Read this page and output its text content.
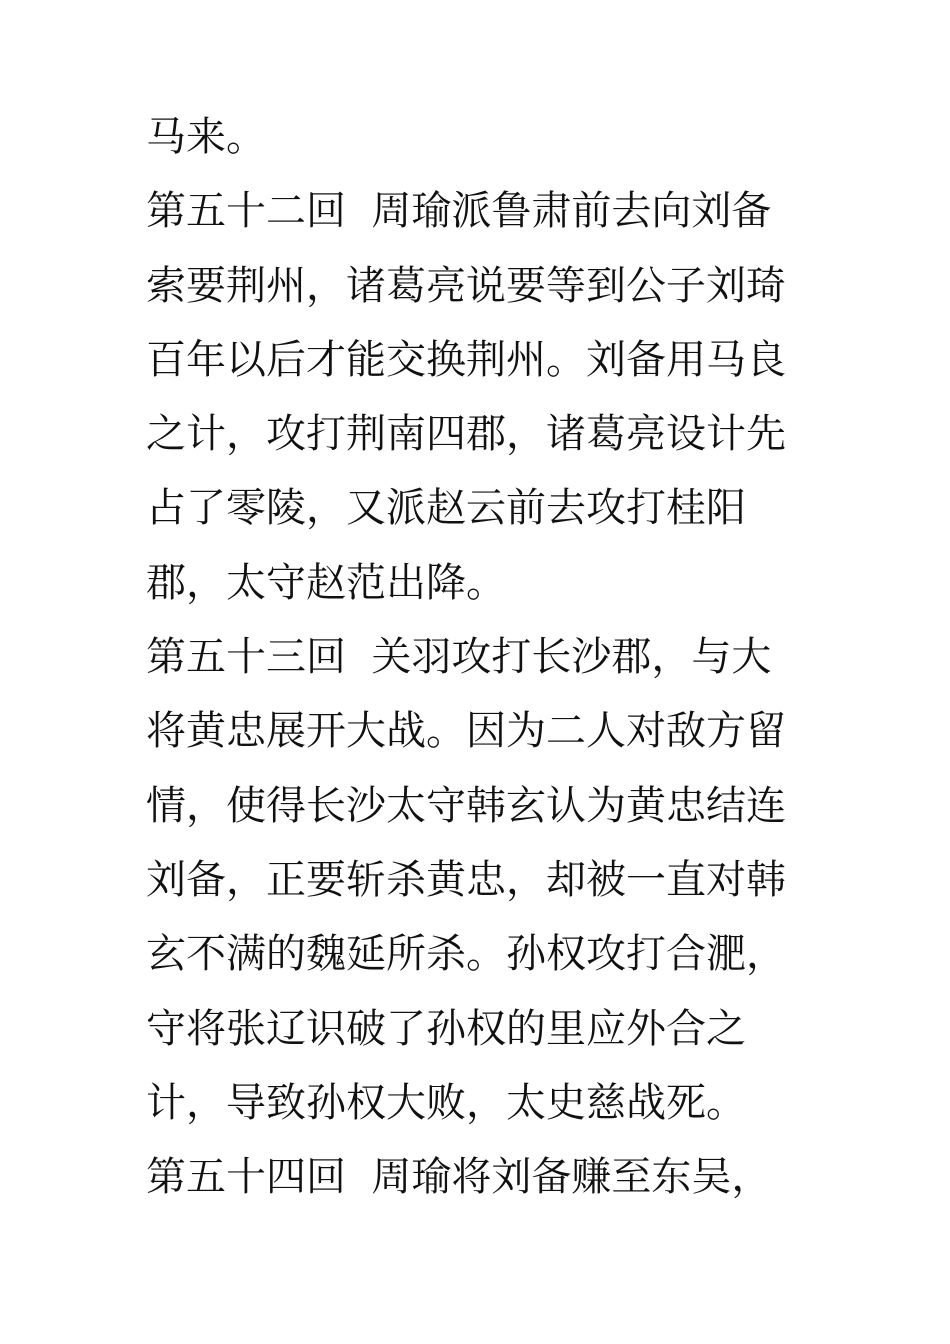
马来。
第五十二回  周瑜派鲁肃前去向刘备
索要荆州，诸葛亮说要等到公子刘琦
百年以后才能交换荆州。刘备用马良
之计，攻打荆南四郡，诸葛亮设计先
占了零陵，又派赵云前去攻打桂阳
郡，太守赵范出降。
第五十三回  关羽攻打长沙郡，与大
将黄忠展开大战。因为二人对敌方留
情，使得长沙太守韩玄认为黄忠结连
刘备，正要斩杀黄忠，却被一直对韩
玄不满的魏延所杀。孙权攻打合淝，
守将张辽识破了孙权的里应外合之
计，导致孙权大败，太史慈战死。
第五十四回  周瑜将刘备赚至东吴，
